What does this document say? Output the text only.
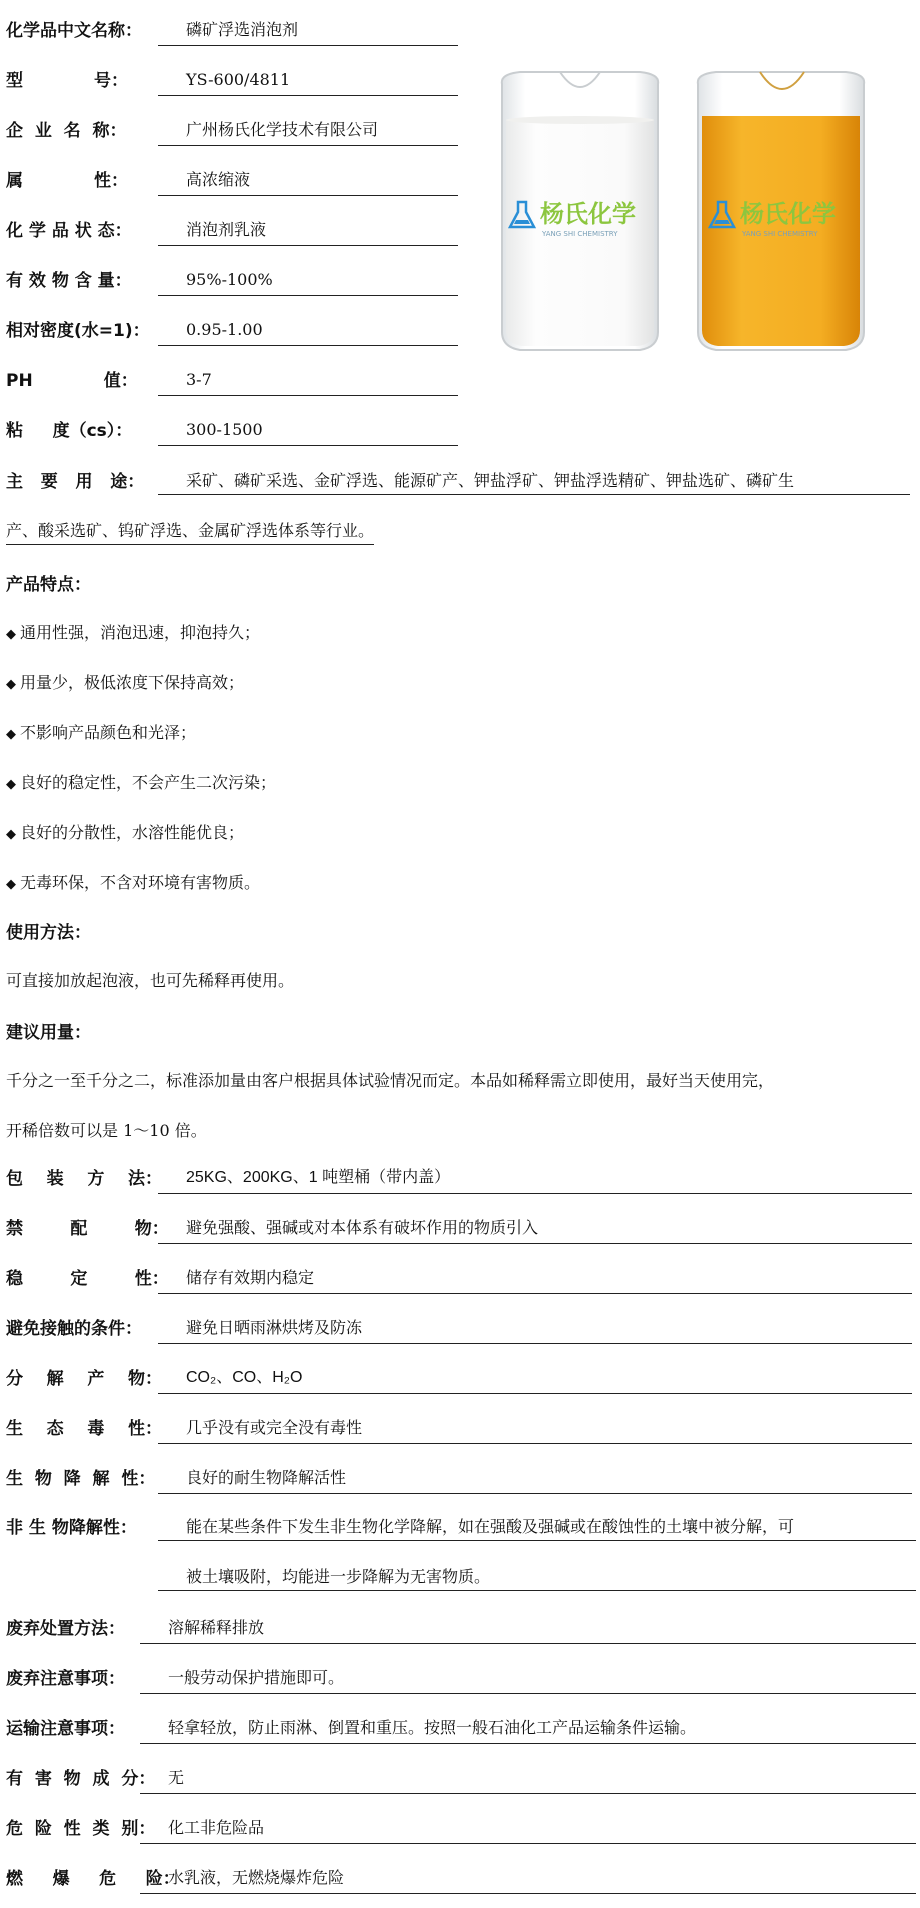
化学品中文名称：	磷矿浮选消泡剂
型            号：	YS-600/4811
企  业  名  称：	广州杨氏化学技术有限公司
属            性：	高浓缩液
化 学 品 状 态：	消泡剂乳液
有 效 物 含 量：	95%-100%
相对密度(水=1)：	0.95-1.00
PH            值：	3-7
粘     度（cs）：	300-1500
杨氏化学
YANG SHI CHEMISTRY
杨氏化学
YANG SHI CHEMISTRY
主   要   用   途：	采矿、磷矿采选、金矿浮选、能源矿产、钾盐浮矿、钾盐浮选精矿、钾盐选矿、磷矿生
产、酸采选矿、钨矿浮选、金属矿浮选体系等行业。
产品特点：
◆ 通用性强，消泡迅速，抑泡持久；
◆ 用量少，极低浓度下保持高效；
◆ 不影响产品颜色和光泽；
◆ 良好的稳定性，不会产生二次污染；
◆ 良好的分散性，水溶性能优良；
◆ 无毒环保，不含对环境有害物质。
使用方法：
可直接加放起泡液，也可先稀释再使用。
建议用量：
千分之一至千分之二，标准添加量由客户根据具体试验情况而定。本品如稀释需立即使用，最好当天使用完，
开稀倍数可以是 1～10 倍。
包    装    方    法：	25KG、200KG、1 吨塑桶（带内盖）
禁        配        物：	避免强酸、强碱或对本体系有破坏作用的物质引入
稳        定        性：	储存有效期内稳定
避免接触的条件：	避免日晒雨淋烘烤及防冻
分    解    产    物：	CO₂、CO、H₂O
生    态    毒    性：	几乎没有或完全没有毒性
生  物  降  解  性：	良好的耐生物降解活性
非 生 物降解性：	能在某些条件下发生非生物化学降解，如在强酸及强碱或在酸蚀性的土壤中被分解，可
被土壤吸附，均能进一步降解为无害物质。
废弃处置方法：	溶解稀释排放
废弃注意事项：	一般劳动保护措施即可。
运输注意事项：	轻拿轻放，防止雨淋、倒置和重压。按照一般石油化工产品运输条件运输。
有  害  物  成  分： 无
危  险  性  类  别： 化工非危险品
燃     爆     危     险：
水乳液，无燃烧爆炸危险
